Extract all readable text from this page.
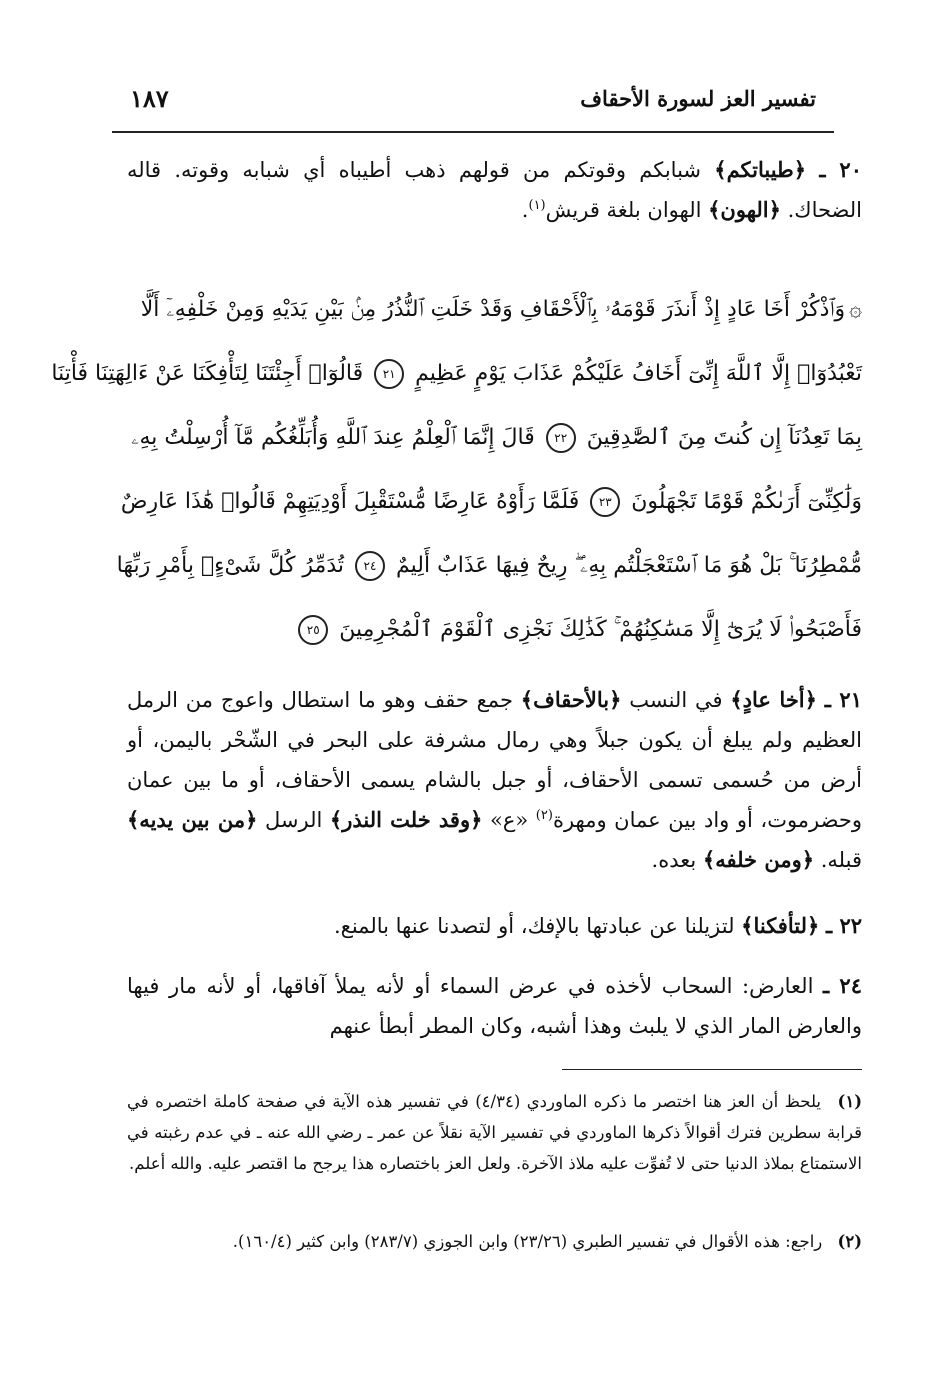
تفسير العز لسورة الأحقاف
١٨٧

٢٠ ـ ﴿طيباتكم﴾ شبابكم وقوتكم من قولهم ذهب أطيباه أي شبابه وقوته. قاله الضحاك. ﴿الهون﴾ الهوان بلغة قريش$^{(١)}$.

۞وَٱذْكُرْ أَخَا عَادٍ إِذْ أَنذَرَ قَوْمَهُۥ بِٱلْأَحْقَافِ وَقَدْ خَلَتِ ٱلنُّذُرُ مِنۢ بَيْنِ يَدَيْهِ وَمِنْ خَلْفِهِۦٓ أَلَّا
تَعْبُدُوٓا۟ إِلَّا ٱللَّهَ إِنِّىٓ أَخَافُ عَلَيْكُمْ عَذَابَ يَوْمٍ عَظِيمٍ ٢١ قَالُوٓا۟ أَجِئْتَنَا لِتَأْفِكَنَا عَنْ ءَالِهَتِنَا فَأْتِنَا
بِمَا تَعِدُنَآ إِن كُنتَ مِنَ ٱلصَّٰدِقِينَ ٢٢ قَالَ إِنَّمَا ٱلْعِلْمُ عِندَ ٱللَّهِ وَأُبَلِّغُكُم مَّآ أُرْسِلْتُ بِهِۦ
وَلَٰكِنِّىٓ أَرَىٰكُمْ قَوْمًا تَجْهَلُونَ ٢٣ فَلَمَّا رَأَوْهُ عَارِضًا مُّسْتَقْبِلَ أَوْدِيَتِهِمْ قَالُوا۟ هَٰذَا عَارِضٌ
مُّمْطِرُنَا ۚ بَلْ هُوَ مَا ٱسْتَعْجَلْتُم بِهِۦ ۖ رِيحٌ فِيهَا عَذَابٌ أَلِيمٌ ٢٤ تُدَمِّرُ كُلَّ شَىْءٍۭ بِأَمْرِ رَبِّهَا
فَأَصْبَحُوا۟ لَا يُرَىٰٓ إِلَّا مَسَٰكِنُهُمْ ۚ كَذَٰلِكَ نَجْزِى ٱلْقَوْمَ ٱلْمُجْرِمِينَ ٢٥

٢١ ـ ﴿أخا عادٍ﴾ في النسب ﴿بالأحقاف﴾ جمع حقف وهو ما استطال واعوج من الرمل العظيم ولم يبلغ أن يكون جبلاً وهي رمال مشرفة على البحر في الشّحْر باليمن، أو أرض من حُسمى تسمى الأحقاف، أو جبل بالشام يسمى الأحقاف، أو ما بين عمان وحضرموت، أو واد بين عمان ومهرة$^{(٢)}$ «ع» ﴿وقد خلت النذر﴾ الرسل ﴿من بين يديه﴾ قبله. ﴿ومن خلفه﴾ بعده.

٢٢ ـ ﴿لتأفكنا﴾ لتزيلنا عن عبادتها بالإفك، أو لتصدنا عنها بالمنع.

٢٤ ـ العارض: السحاب لأخذه في عرض السماء أو لأنه يملأ آفاقها، أو لأنه مار فيها والعارض المار الذي لا يلبث وهذا أشبه، وكان المطر أبطأ عنهم

(١) يلحظ أن العز هنا اختصر ما ذكره الماوردي (٤/٣٤) في تفسير هذه الآية في صفحة كاملة اختصره في قرابة سطرين فترك أقوالاً ذكرها الماوردي في تفسير الآية نقلاً عن عمر ـ رضي الله عنه ـ في عدم رغبته في الاستمتاع بملاذ الدنيا حتى لا تُفوِّت عليه ملاذ الآخرة. ولعل العز باختصاره هذا يرجح ما اقتصر عليه. والله أعلم.
(٢) راجع: هذه الأقوال في تفسير الطبري (٢٣/٢٦) وابن الجوزي (٢٨٣/٧) وابن كثير (١٦٠/٤).
